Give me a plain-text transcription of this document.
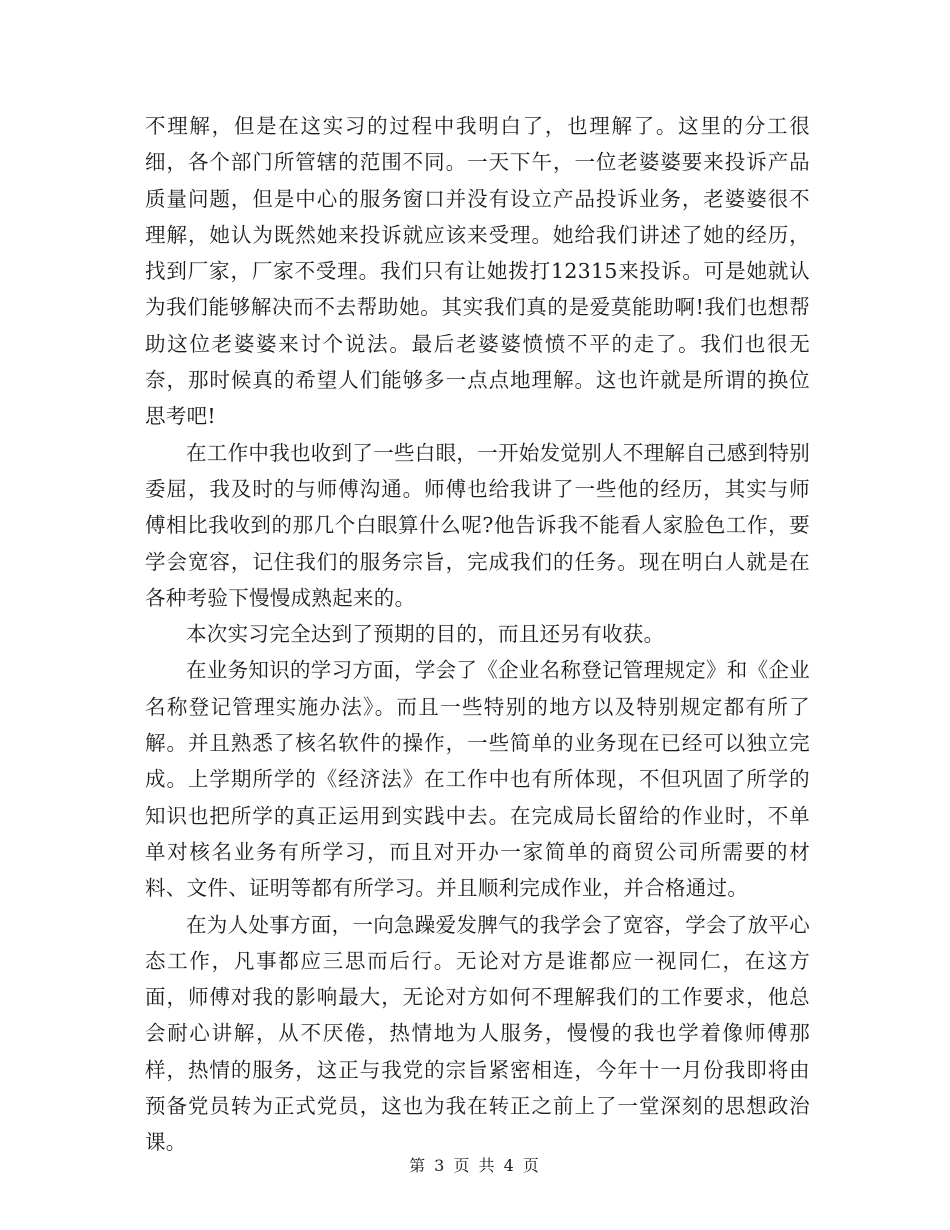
不理解，但是在这实习的过程中我明白了，也理解了。这里的分工很细，各个部门所管辖的范围不同。一天下午，一位老婆婆要来投诉产品质量问题，但是中心的服务窗口并没有设立产品投诉业务，老婆婆很不理解，她认为既然她来投诉就应该来受理。她给我们讲述了她的经历，找到厂家，厂家不受理。我们只有让她拨打12315来投诉。可是她就认为我们能够解决而不去帮助她。其实我们真的是爱莫能助啊!我们也想帮助这位老婆婆来讨个说法。最后老婆婆愤愤不平的走了。我们也很无奈，那时候真的希望人们能够多一点点地理解。这也许就是所谓的换位思考吧!

在工作中我也收到了一些白眼，一开始发觉别人不理解自己感到特别委屈，我及时的与师傅沟通。师傅也给我讲了一些他的经历，其实与师傅相比我收到的那几个白眼算什么呢?他告诉我不能看人家脸色工作，要学会宽容，记住我们的服务宗旨，完成我们的任务。现在明白人就是在各种考验下慢慢成熟起来的。

本次实习完全达到了预期的目的，而且还另有收获。

在业务知识的学习方面，学会了《企业名称登记管理规定》和《企业名称登记管理实施办法》。而且一些特别的地方以及特别规定都有所了解。并且熟悉了核名软件的操作，一些简单的业务现在已经可以独立完成。上学期所学的《经济法》在工作中也有所体现，不但巩固了所学的知识也把所学的真正运用到实践中去。在完成局长留给的作业时，不单单对核名业务有所学习，而且对开办一家简单的商贸公司所需要的材料、文件、证明等都有所学习。并且顺利完成作业，并合格通过。

在为人处事方面，一向急躁爱发脾气的我学会了宽容，学会了放平心态工作，凡事都应三思而后行。无论对方是谁都应一视同仁，在这方面，师傅对我的影响最大，无论对方如何不理解我们的工作要求，他总会耐心讲解，从不厌倦，热情地为人服务，慢慢的我也学着像师傅那样，热情的服务，这正与我党的宗旨紧密相连，今年十一月份我即将由预备党员转为正式党员，这也为我在转正之前上了一堂深刻的思想政治课。

第 3 页 共 4 页
